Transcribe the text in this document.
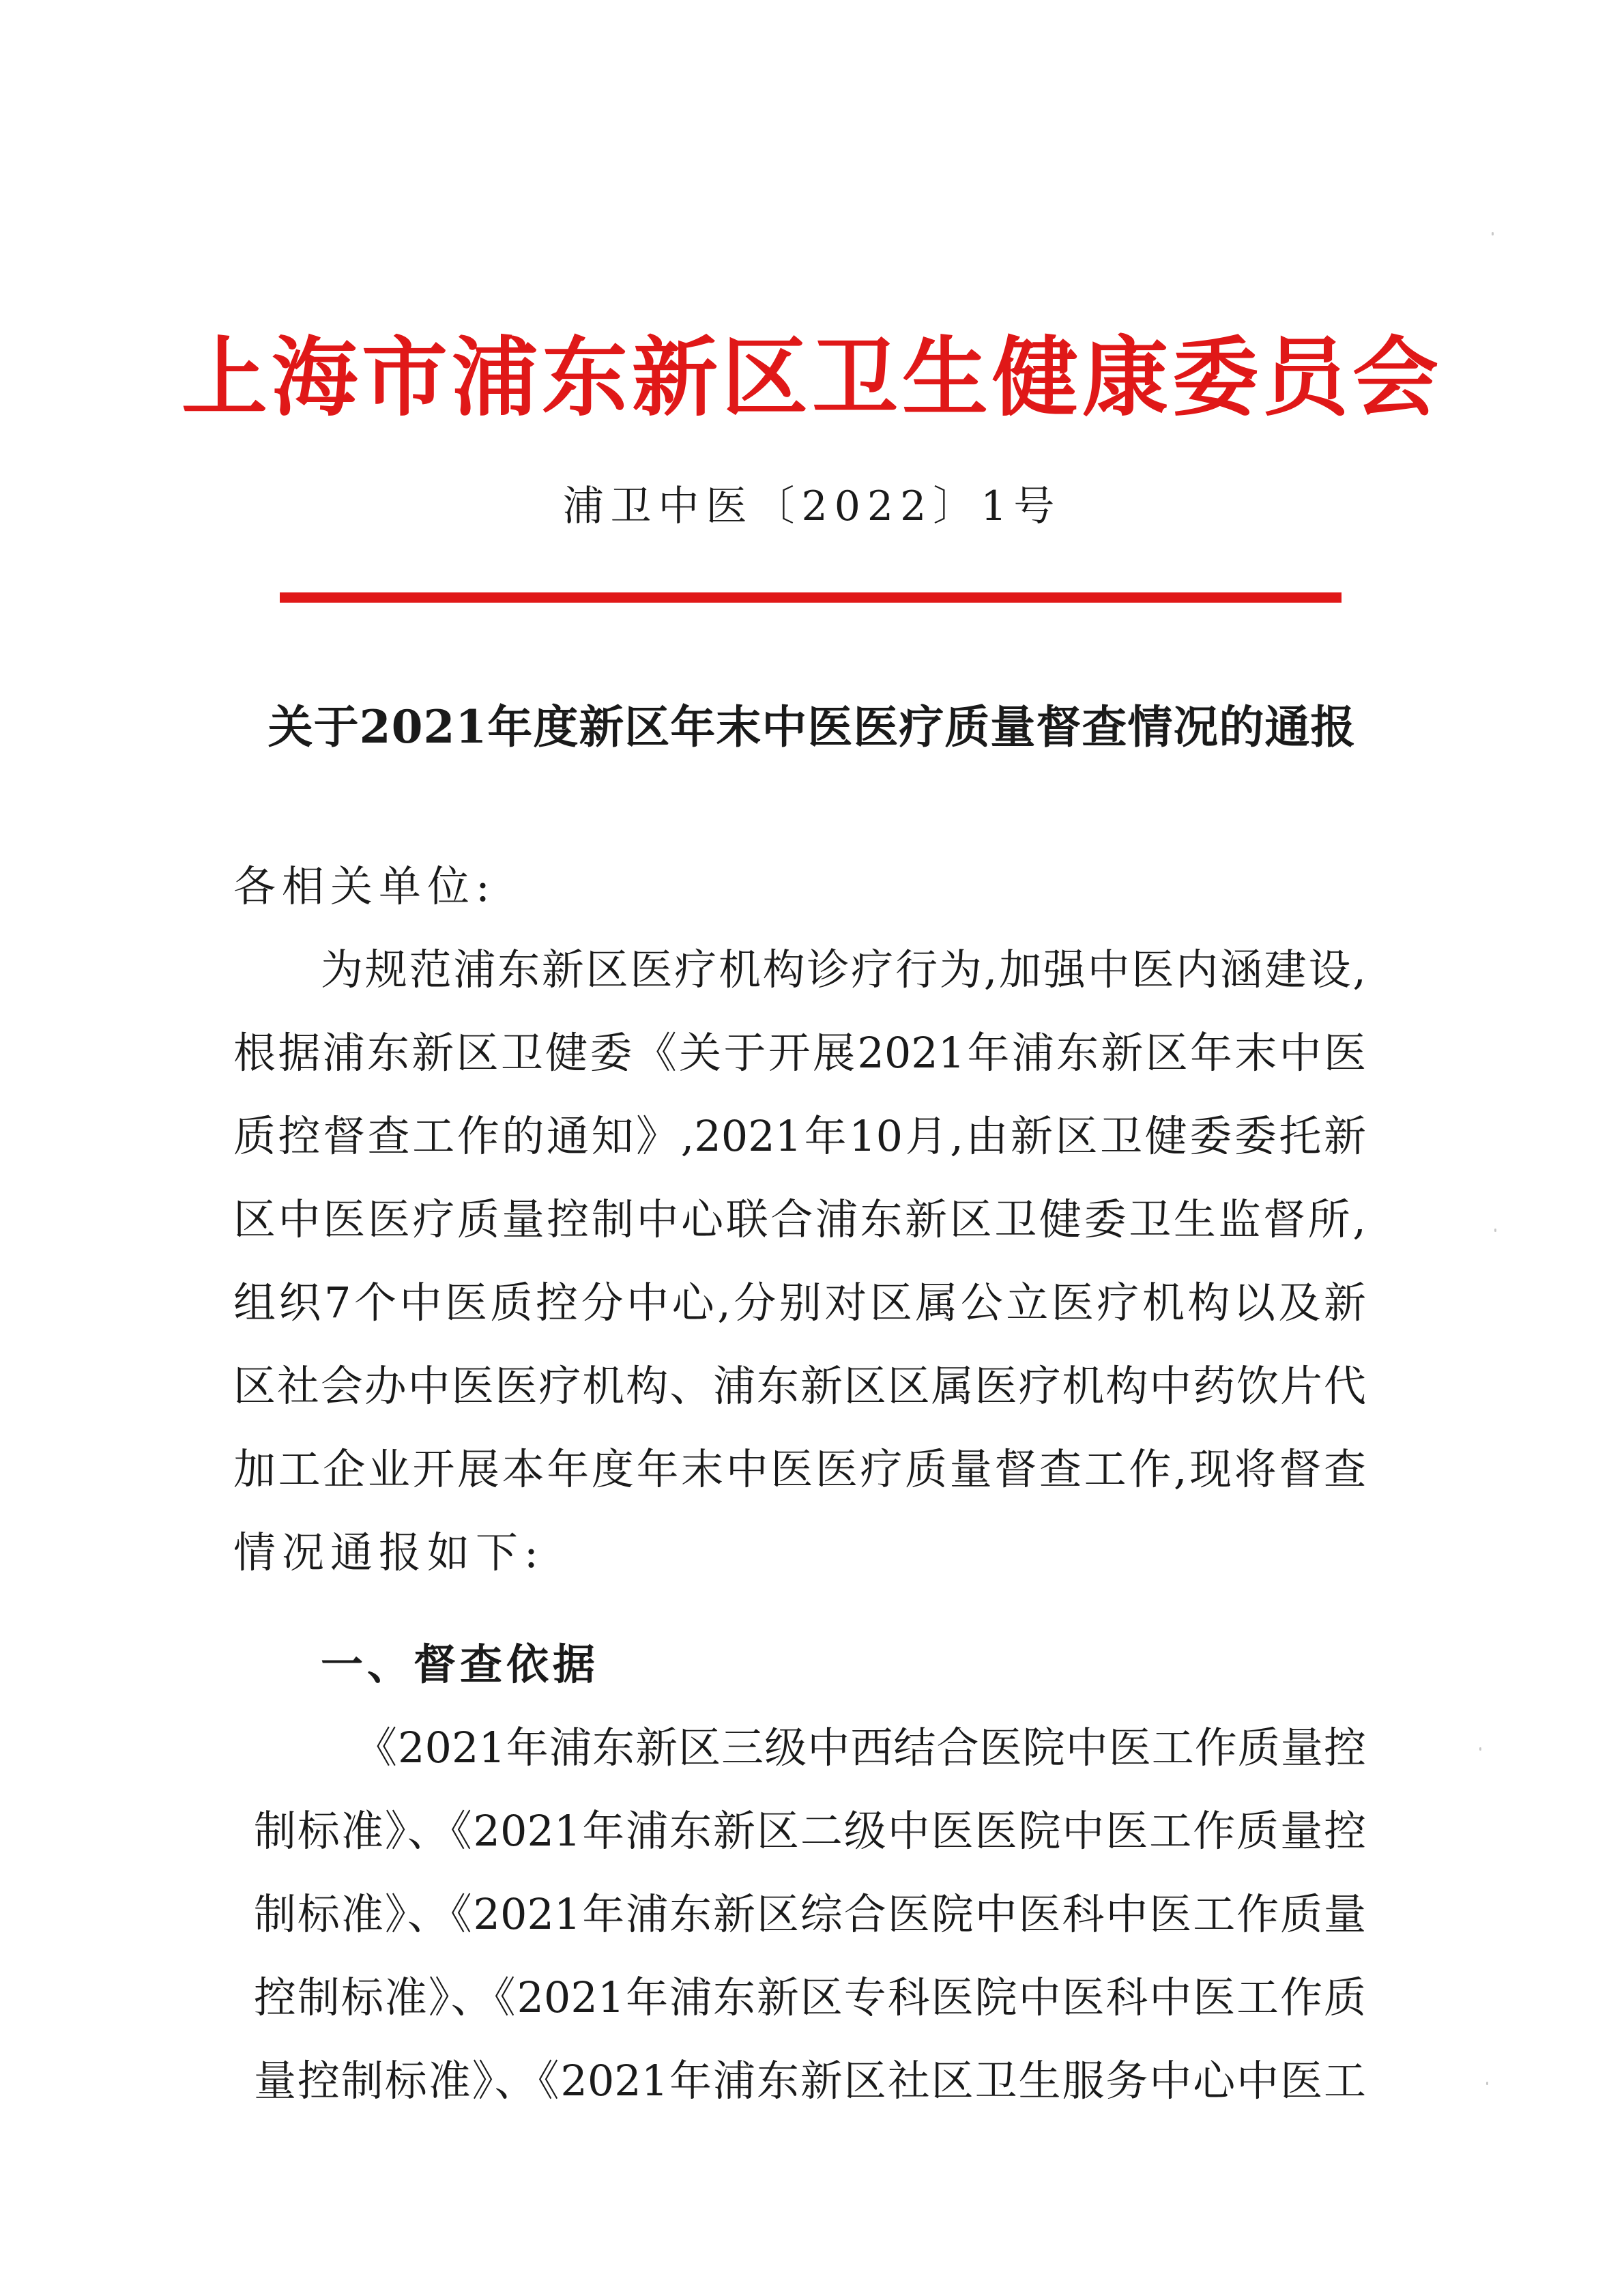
上海市浦东新区卫生健康委员会
浦卫中医〔2022〕1号
关于2021年度新区年末中医医疗质量督查情况的通报
各相关单位:
为规范浦东新区医疗机构诊疗行为,加强中医内涵建设,
根据浦东新区卫健委《关于开展2021年浦东新区年末中医
质控督查工作的通知》,2021年10月,由新区卫健委委托新
区中医医疗质量控制中心联合浦东新区卫健委卫生监督所,
组织7个中医质控分中心,分别对区属公立医疗机构以及新
区社会办中医医疗机构、浦东新区区属医疗机构中药饮片代
加工企业开展本年度年末中医医疗质量督查工作,现将督查
情况通报如下:
一、督查依据
《2021年浦东新区三级中西结合医院中医工作质量控
制标准》、《2021年浦东新区二级中医医院中医工作质量控
制标准》、《2021年浦东新区综合医院中医科中医工作质量
控制标准》、《2021年浦东新区专科医院中医科中医工作质
量控制标准》、《2021年浦东新区社区卫生服务中心中医工
